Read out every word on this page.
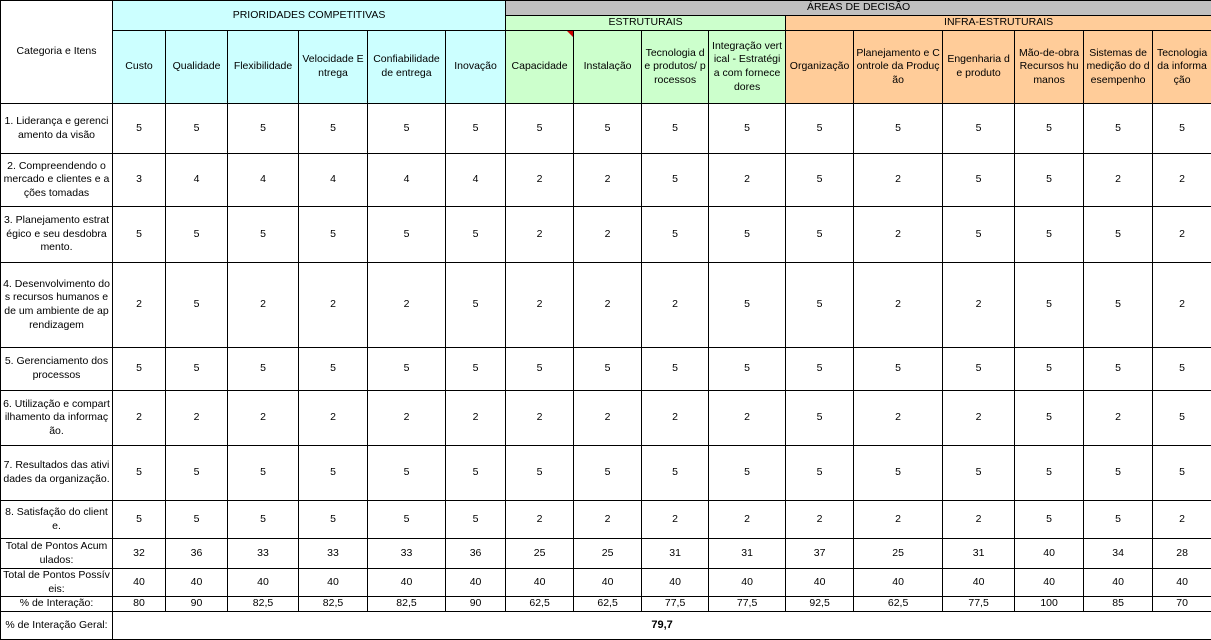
Categoria e Itens	PRIORIDADES COMPETITIVAS						ÁREAS DE DECISÃO									
							ESTRUTURAIS				INFRA-ESTRUTURAIS					
	Custo	Qualidade	Flexibilidade	Velocidade Entrega	Confiabilidade de entrega	Inovação	Capacidade	Instalação	Tecnologia de produtos/ processos	Integração vertical - Estratégia com fornecedores	Organização	Planejamento e Controle da Produção	Engenharia de produto	Mão-de-obra Recursos humanos	Sistemas de medição do desempenho	Tecnologia da informação
1. Liderança e gerenciamento da visão	5	5	5	5	5	5	5	5	5	5	5	5	5	5	5	5
2. Compreendendo o mercado e clientes e ações tomadas	3	4	4	4	4	4	2	2	5	2	5	2	5	5	2	2
3. Planejamento estratégico e seu desdobramento.	5	5	5	5	5	5	2	2	5	5	5	2	5	5	5	2
4. Desenvolvimento dos recursos humanos e de um ambiente de aprendizagem	2	5	2	2	2	5	2	2	2	5	5	2	2	5	5	2
5. Gerenciamento dos processos	5	5	5	5	5	5	5	5	5	5	5	5	5	5	5	5
6. Utilização e compartilhamento da informação.	2	2	2	2	2	2	2	2	2	2	5	2	2	5	2	5
7. Resultados das atividades da organização.	5	5	5	5	5	5	5	5	5	5	5	5	5	5	5	5
8. Satisfação do cliente.	5	5	5	5	5	5	2	2	2	2	2	2	2	5	5	2
Total de Pontos Acumulados:	32	36	33	33	33	36	25	25	31	31	37	25	31	40	34	28
Total de Pontos Possíveis:	40	40	40	40	40	40	40	40	40	40	40	40	40	40	40	40
% de Interação:	80	90	82,5	82,5	82,5	90	62,5	62,5	77,5	77,5	92,5	62,5	77,5	100	85	70
% de Interação Geral:	79,7															
